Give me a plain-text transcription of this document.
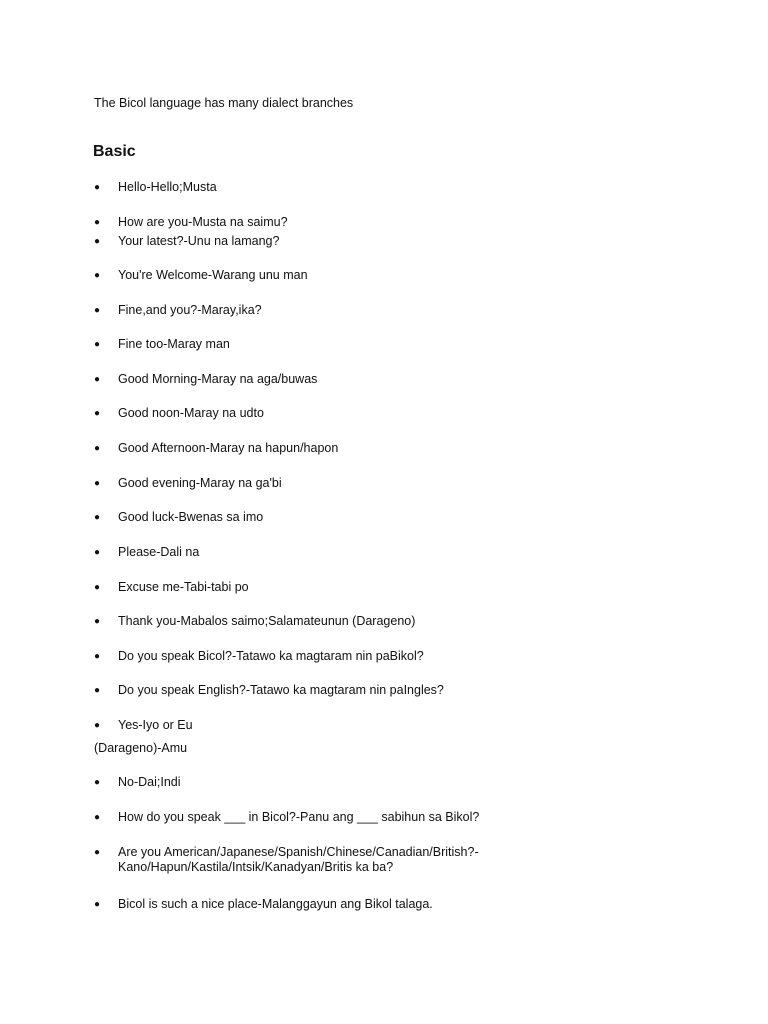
The Bicol language has many dialect branches
Basic
● Hello-Hello;Musta
● How are you-Musta na saimu?
● Your latest?-Unu na lamang?
● You're Welcome-Warang unu man
● Fine,and you?-Maray,ika?
● Fine too-Maray man
● Good Morning-Maray na aga/buwas
● Good noon-Maray na udto
● Good Afternoon-Maray na hapun/hapon
● Good evening-Maray na ga'bi
● Good luck-Bwenas sa imo
● Please-Dali na
● Excuse me-Tabi-tabi po
● Thank you-Mabalos saimo;Salamateunun (Darageno)
● Do you speak Bicol?-Tatawo ka magtaram nin paBikol?
● Do you speak English?-Tatawo ka magtaram nin paIngles?
● Yes-Iyo or Eu
(Darageno)-Amu
● No-Dai;Indi
● How do you speak ___ in Bicol?-Panu ang ___ sabihun sa Bikol?
● Are you American/Japanese/Spanish/Chinese/Canadian/British?-
Kano/Hapun/Kastila/Intsik/Kanadyan/Britis ka ba?
● Bicol is such a nice place-Malanggayun ang Bikol talaga.
